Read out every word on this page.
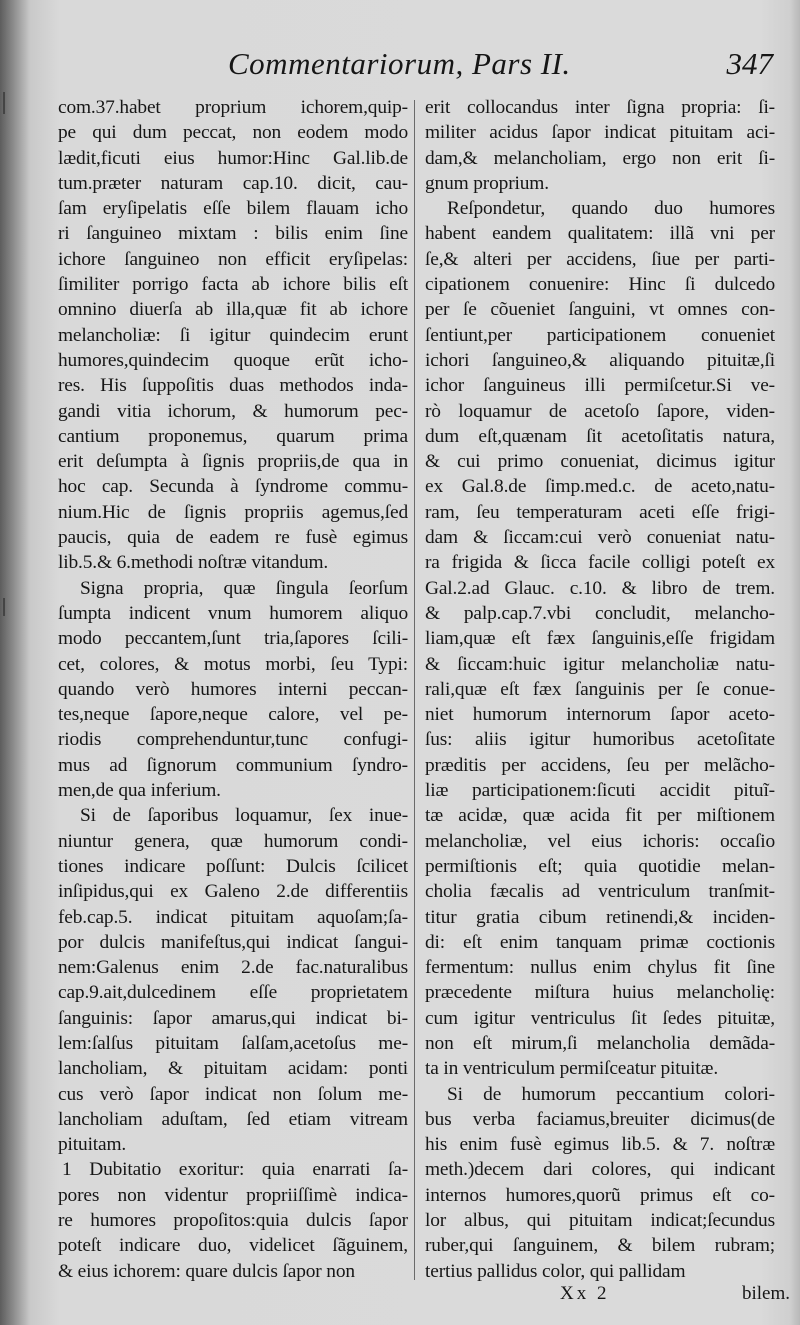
Commentariorum, Pars II.	347
com.37.habet proprium ichorem,quip-
pe qui dum peccat, non eodem modo
lædit,ficuti eius humor:Hinc Gal.lib.de
tum.præter naturam cap.10. dicit, cau-
ſam eryſipelatis eſſe bilem flauam icho
ri ſanguineo mixtam : bilis enim ſine
ichore ſanguineo non efficit eryſipelas:
ſimiliter porrigo facta ab ichore bilis eſt
omnino diuerſa ab illa,quæ fit ab ichore
melancholiæ: ſi igitur quindecim erunt
humores,quindecim quoque erũt icho-
res. His ſuppoſitis duas methodos inda-
gandi vitia ichorum, & humorum pec-
cantium proponemus, quarum prima
erit deſumpta à ſignis propriis,de qua in
hoc cap. Secunda à ſyndrome commu-
nium.Hic de ſignis propriis agemus,ſed
paucis, quia de eadem re fusè egimus
lib.5.& 6.methodi noſtræ vitandum.
Signa propria, quæ ſingula ſeorſum
ſumpta indicent vnum humorem aliquo
modo peccantem,ſunt tria,ſapores ſcili-
cet, colores, & motus morbi, ſeu Typi:
quando verò humores interni peccan-
tes,neque ſapore,neque calore, vel pe-
riodis comprehenduntur,tunc confugi-
mus ad ſignorum communium ſyndro-
men,de qua inferium.
Si de ſaporibus loquamur, ſex inue-
niuntur genera, quæ humorum condi-
tiones indicare poſſunt: Dulcis ſcilicet
inſipidus,qui ex Galeno 2.de differentiis
feb.cap.5. indicat pituitam aquoſam;ſa-
por dulcis manifeſtus,qui indicat ſangui-
nem:Galenus enim 2.de fac.naturalibus
cap.9.ait,dulcedinem eſſe proprietatem
ſanguinis: ſapor amarus,qui indicat bi-
lem:ſalſus pituitam ſalſam,acetoſus me-
lancholiam, & pituitam acidam: ponti
cus verò ſapor indicat non ſolum me-
lancholiam aduſtam, ſed etiam vitream
pituitam.
1 Dubitatio exoritur: quia enarrati ſa-
pores non videntur propriiſſimè indica-
re humores propoſitos:quia dulcis ſapor
poteſt indicare duo, videlicet ſãguinem,
& eius ichorem: quare dulcis ſapor non
erit collocandus inter ſigna propria: ſi-
militer acidus ſapor indicat pituitam aci-
dam,& melancholiam, ergo non erit ſi-
gnum proprium.
Reſpondetur, quando duo humores
habent eandem qualitatem: illã vni per
ſe,& alteri per accidens, ſiue per parti-
cipationem conuenire: Hinc ſi dulcedo
per ſe cõueniet ſanguini, vt omnes con-
ſentiunt,per participationem conueniet
ichori ſanguineo,& aliquando pituitæ,ſi
ichor ſanguineus illi permiſcetur.Si ve-
rò loquamur de acetoſo ſapore, viden-
dum eſt,quænam ſit acetoſitatis natura,
& cui primo conueniat, dicimus igitur
ex Gal.8.de ſimp.med.c. de aceto,natu-
ram, ſeu temperaturam aceti eſſe frigi-
dam & ſiccam:cui verò conueniat natu-
ra frigida & ſicca facile colligi poteſt ex
Gal.2.ad Glauc. c.10. & libro de trem.
& palp.cap.7.vbi concludit, melancho-
liam,quæ eſt fæx ſanguinis,eſſe frigidam
& ſiccam:huic igitur melancholiæ natu-
rali,quæ eſt fæx ſanguinis per ſe conue-
niet humorum internorum ſapor aceto-
ſus: aliis igitur humoribus acetoſitate
præditis per accidens, ſeu per melãcho-
liæ participationem:ſicuti accidit pituĩ-
tæ acidæ, quæ acida fit per miſtionem
melancholiæ, vel eius ichoris: occaſio
permiſtionis eſt; quia quotidie melan-
cholia fæcalis ad ventriculum tranſmit-
titur gratia cibum retinendi,& inciden-
di: eſt enim tanquam primæ coctionis
fermentum: nullus enim chylus fit ſine
præcedente miſtura huius melancholię:
cum igitur ventriculus ſit ſedes pituitæ,
non eſt mirum,ſi melancholia demãda-
ta in ventriculum permiſceatur pituitæ.
Si de humorum peccantium colori-
bus verba faciamus,breuiter dicimus(de
his enim fusè egimus lib.5. & 7. noſtræ
meth.)decem dari colores, qui indicant
internos humores,quorũ primus eſt co-
lor albus, qui pituitam indicat;ſecundus
ruber,qui ſanguinem, & bilem rubram;
tertius pallidus color, qui pallidam
Xx 2	bilem.
